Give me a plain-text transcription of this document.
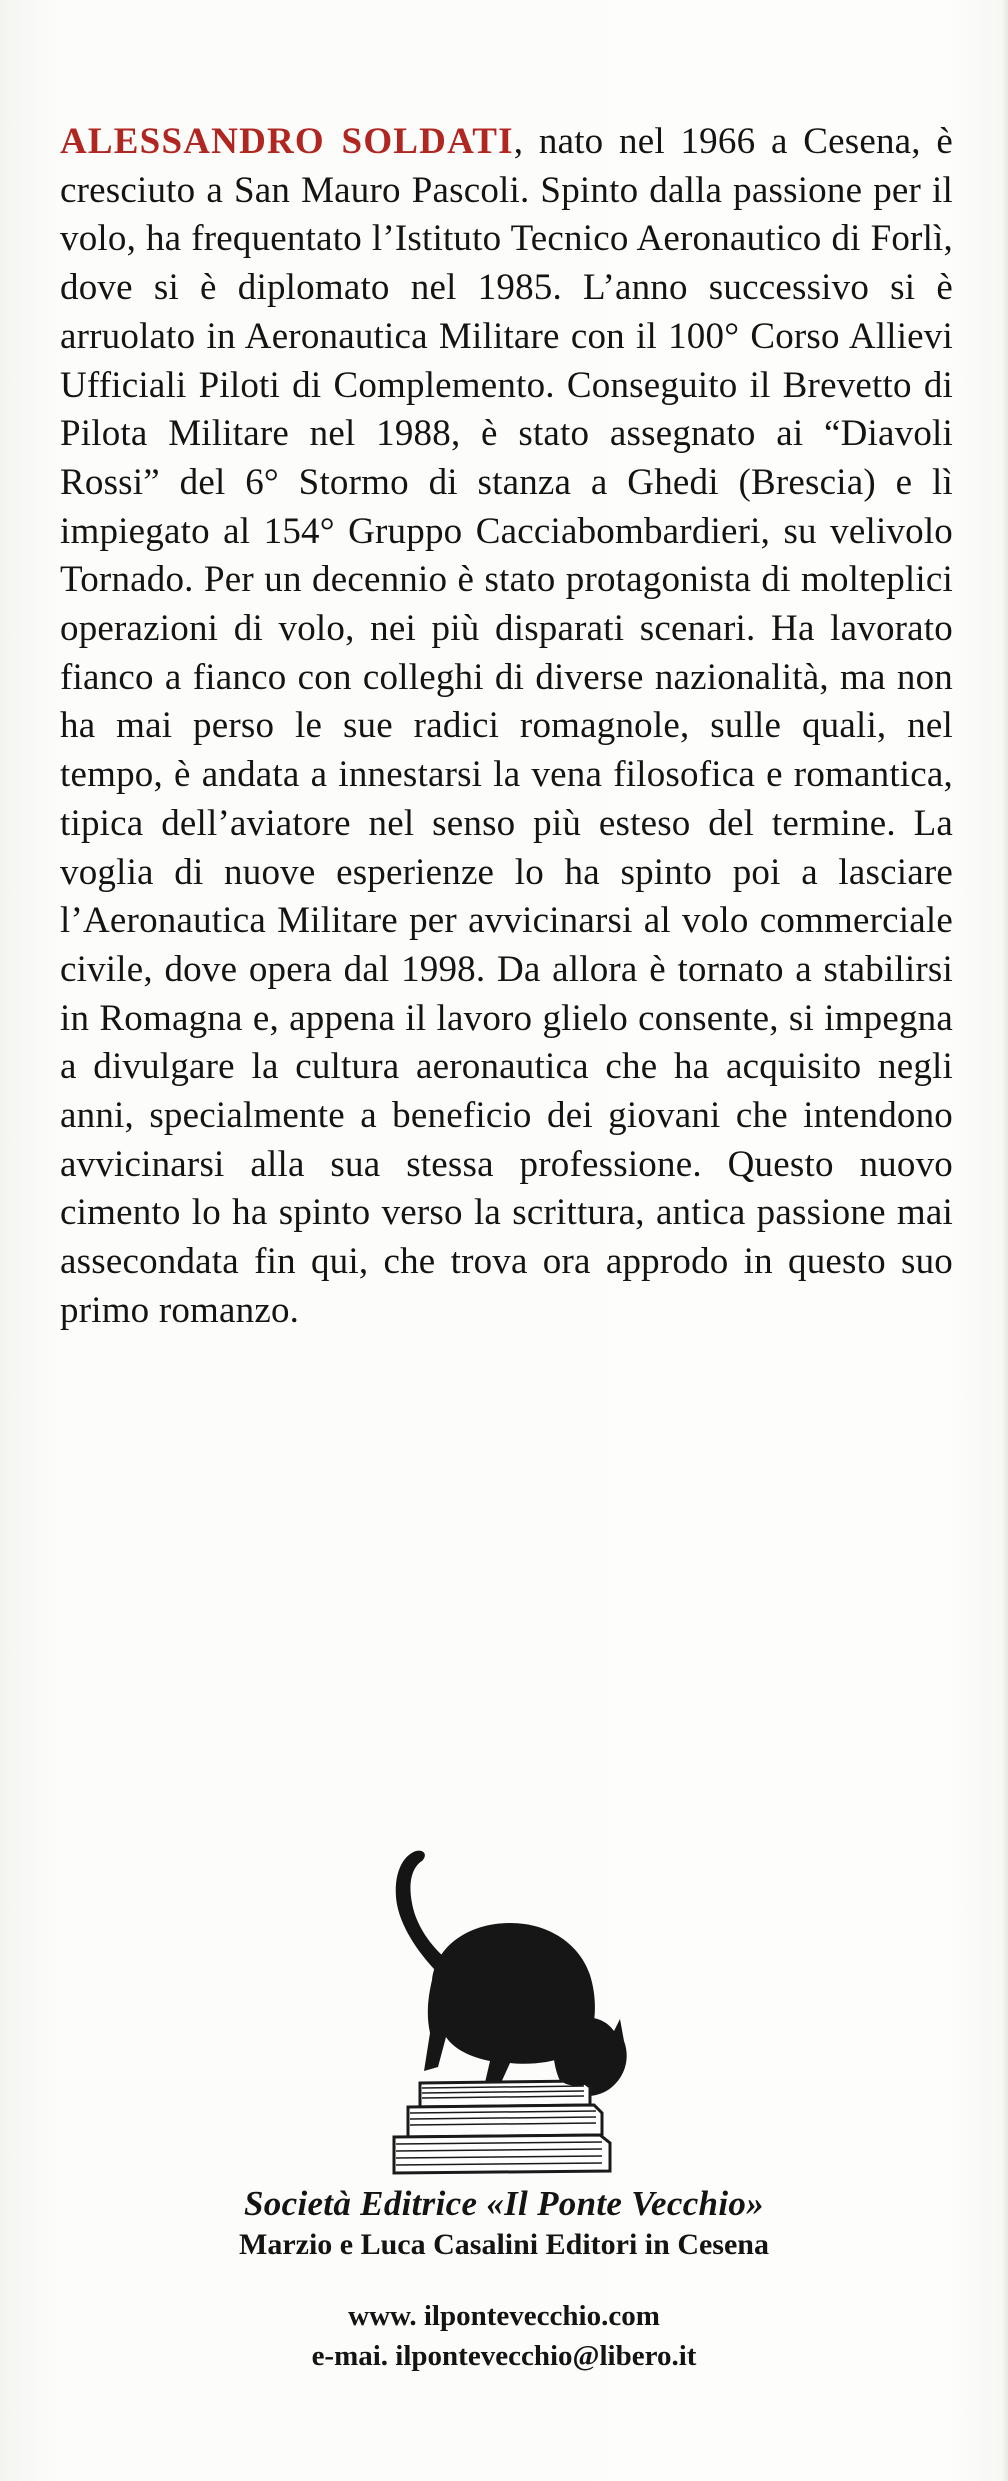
ALESSANDRO SOLDATI, nato nel 1966 a Cesena, è cresciuto a San Mauro Pascoli. Spinto dalla passione per il volo, ha frequentato l’Istituto Tecnico Aeronautico di Forlì, dove si è diplomato nel 1985. L’anno successivo si è arruolato in Aeronautica Militare con il 100° Corso Allievi Ufficiali Piloti di Complemento. Conseguito il Brevetto di Pilota Militare nel 1988, è stato assegnato ai “Diavoli Rossi” del 6° Stormo di stanza a Ghedi (Brescia) e lì impiegato al 154° Gruppo Cacciabombardieri, su velivolo Tornado. Per un decennio è stato protagonista di molteplici operazioni di volo, nei più disparati scenari. Ha lavorato fianco a fianco con colleghi di diverse nazionalità, ma non ha mai perso le sue radici romagnole, sulle quali, nel tempo, è andata a innestarsi la vena filosofica e romantica, tipica dell’aviatore nel senso più esteso del termine. La voglia di nuove esperienze lo ha spinto poi a lasciare l’Aeronautica Militare per avvicinarsi al volo commerciale civile, dove opera dal 1998. Da allora è tornato a stabilirsi in Romagna e, appena il lavoro glielo consente, si impegna a divulgare la cultura aeronautica che ha acquisito negli anni, specialmente a beneficio dei giovani che intendono avvicinarsi alla sua stessa professione. Questo nuovo cimento lo ha spinto verso la scrittura, antica passione mai assecondata fin qui, che trova ora approdo in questo suo primo romanzo.

Società Editrice «Il Ponte Vecchio»
Marzio e Luca Casalini Editori in Cesena
www. ilpontevecchio.com
e-mai. ilpontevecchio@libero.it
